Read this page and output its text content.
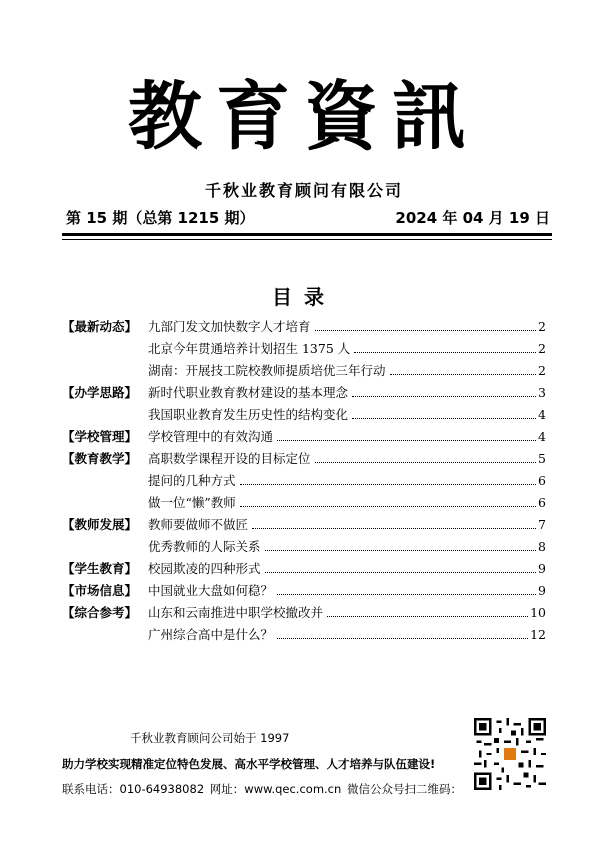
教育資訊
千秋业教育顾问有限公司
第 15 期（总第 1215 期）	2024 年 04 月 19 日
目录
【最新动态】 九部门发文加快数字人才培育	2
北京今年贯通培养计划招生 1375 人	2
湖南：开展技工院校教师提质培优三年行动	2
【办学思路】 新时代职业教育教材建设的基本理念	3
我国职业教育发生历史性的结构变化	4
【学校管理】 学校管理中的有效沟通	4
【教育教学】 高职数学课程开设的目标定位	5
提问的几种方式	6
做一位“懒”教师	6
【教师发展】 教师要做师不做匠	7
优秀教师的人际关系	8
【学生教育】 校园欺凌的四种形式	9
【市场信息】 中国就业大盘如何稳？	9
【综合参考】 山东和云南推进中职学校撤改并	10
广州综合高中是什么？	12
千秋业教育顾问公司始于 1997
助力学校实现精准定位特色发展、高水平学校管理、人才培养与队伍建设!
联系电话：010-64938082 网址：www.qec.com.cn 微信公众号扫二维码：
